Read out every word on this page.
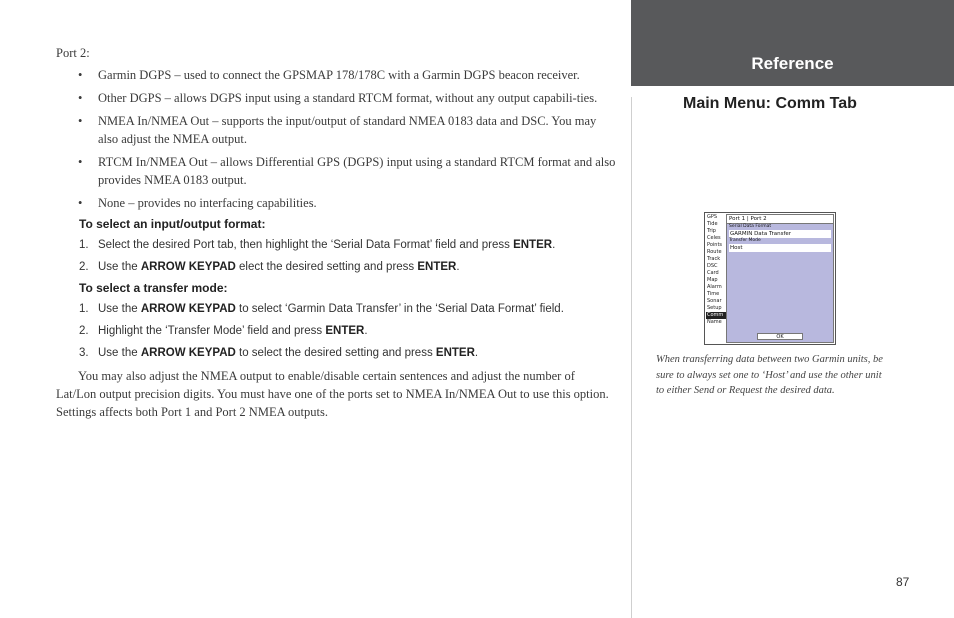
Port 2:
• Garmin DGPS – used to connect the GPSMAP 178/178C with a Garmin DGPS beacon receiver.
• Other DGPS – allows DGPS input using a standard RTCM format, without any output capabili-ties.
• NMEA In/NMEA Out – supports the input/output of standard NMEA 0183 data and DSC. You may also adjust the NMEA output.
• RTCM In/NMEA Out – allows Differential GPS (DGPS) input using a standard RTCM format and also provides NMEA 0183 output.
• None – provides no interfacing capabilities.
To select an input/output format:
1. Select the desired Port tab, then highlight the ‘Serial Data Format’ field and press ENTER.
2. Use the ARROW KEYPAD elect the desired setting and press ENTER.
To select a transfer mode:
1. Use the ARROW KEYPAD to select ‘Garmin Data Transfer’ in the ‘Serial Data Format’ field.
2. Highlight the ‘Transfer Mode’ field and press ENTER.
3. Use the ARROW KEYPAD to select the desired setting and press ENTER.

You may also adjust the NMEA output to enable/disable certain sentences and adjust the number of Lat/Lon output precision digits. You must have one of the ports set to NMEA In/NMEA Out to use this option. Settings affects both Port 1 and Port 2 NMEA outputs.

Reference
Main Menu: Comm Tab
GPS
Tide
Trip
Celes
Points
Route
Track
DSC
Card
Map
Alarm
Time
Sonar
Setup
Comm
Name
Port 1 | Port 2
Serial Data Format
GARMIN Data Transfer
Transfer Mode
Host
OK
When transferring data between two Garmin units, be sure to always set one to ‘Host’ and use the other unit to either Send or Request the desired data.
87
